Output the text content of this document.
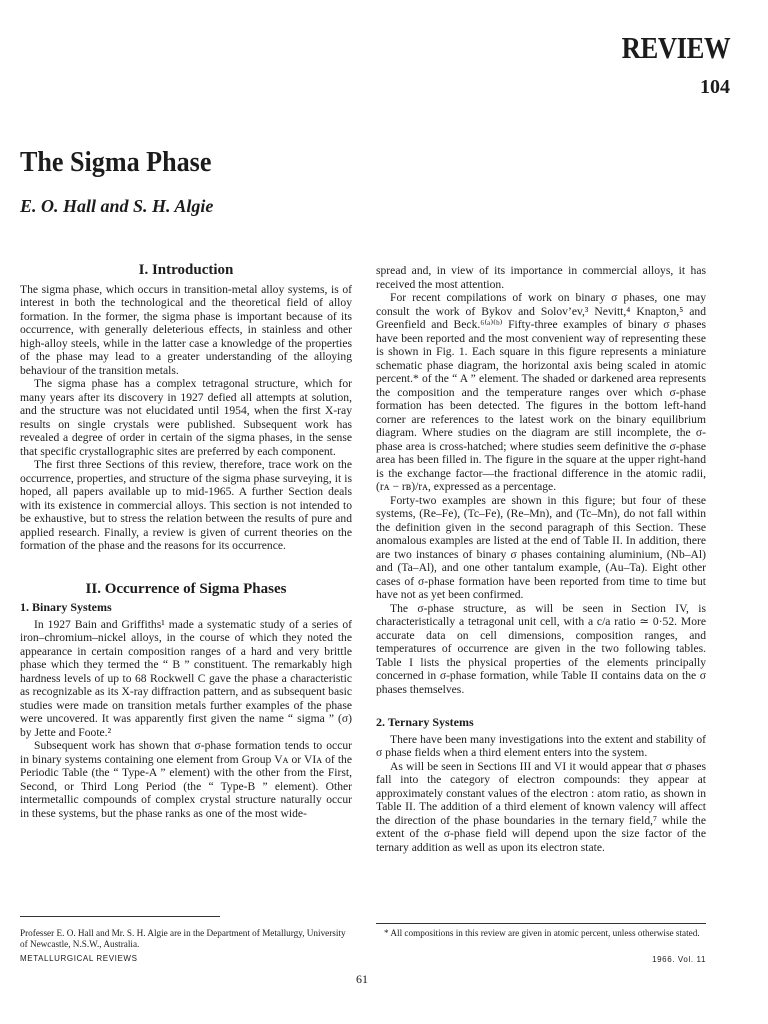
REVIEW
104
The Sigma Phase
E. O. Hall and S. H. Algie
I. Introduction

The sigma phase, which occurs in transition-metal alloy systems, is of interest in both the technological and the theoretical field of alloy formation. In the former, the sigma phase is important because of its occurrence, with generally deleterious effects, in stainless and other high-alloy steels, while in the latter case a knowledge of the properties of the phase may lead to a greater understanding of the alloying behaviour of the transition metals.

The sigma phase has a complex tetragonal structure, which for many years after its discovery in 1927 defied all attempts at solution, and the structure was not elucidated until 1954, when the first X-ray results on single crystals were published. Subsequent work has revealed a degree of order in certain of the sigma phases, in the sense that specific crystallographic sites are preferred by each component.

The first three Sections of this review, therefore, trace work on the occurrence, properties, and structure of the sigma phase surveying, it is hoped, all papers available up to mid-1965. A further Section deals with its existence in commercial alloys. This section is not intended to be exhaustive, but to stress the relation between the results of pure and applied research. Finally, a review is given of current theories on the formation of the phase and the reasons for its occurrence.

II. Occurrence of Sigma Phases
1. Binary Systems

In 1927 Bain and Griffiths¹ made a systematic study of a series of iron–chromium–nickel alloys, in the course of which they noted the appearance in certain composition ranges of a hard and very brittle phase which they termed the “ B ” constituent. The remarkably high hardness levels of up to 68 Rockwell C gave the phase a characteristic as recognizable as its X-ray diffraction pattern, and as subsequent basic studies were made on transition metals further examples of the phase were uncovered. It was apparently first given the name “ sigma ” (σ) by Jette and Foote.²

Subsequent work has shown that σ-phase formation tends to occur in binary systems containing one element from Group Vᴀ or VIᴀ of the Periodic Table (the “ Type-A ” element) with the other from the First, Second, or Third Long Period (the “ Type-B ” element). Other intermetallic compounds of complex crystal structure naturally occur in these systems, but the phase ranks as one of the most wide-

spread and, in view of its importance in commercial alloys, it has received the most attention.

For recent compilations of work on binary σ phases, one may consult the work of Bykov and Solov’ev,³ Nevitt,⁴ Knapton,⁵ and Greenfield and Beck.⁶⁽ᵃ⁾⁽ᵇ⁾ Fifty-three examples of binary σ phases have been reported and the most convenient way of representing these is shown in Fig. 1. Each square in this figure represents a miniature schematic phase diagram, the horizontal axis being scaled in atomic percent.* of the “ A ” element. The shaded or darkened area represents the composition and the temperature ranges over which σ-phase formation has been detected. The figures in the bottom left-hand corner are references to the latest work on the binary equilibrium diagram. Where studies on the diagram are still incomplete, the σ-phase area is cross-hatched; where studies seem definitive the σ-phase area has been filled in. The figure in the square at the upper right-hand is the exchange factor—the fractional difference in the atomic radii, (rᴀ − rʙ)/rᴀ, expressed as a percentage.

Forty-two examples are shown in this figure; but four of these systems, (Re–Fe), (Tc–Fe), (Re–Mn), and (Tc–Mn), do not fall within the definition given in the second paragraph of this Section. These anomalous examples are listed at the end of Table II. In addition, there are two instances of binary σ phases containing aluminium, (Nb–Al) and (Ta–Al), and one other tantalum example, (Au–Ta). Eight other cases of σ-phase formation have been reported from time to time but have not as yet been confirmed.

The σ-phase structure, as will be seen in Section IV, is characteristically a tetragonal unit cell, with a c/a ratio ≃ 0·52. More accurate data on cell dimensions, composition ranges, and temperatures of occurrence are given in the two following tables. Table I lists the physical properties of the elements principally concerned in σ-phase formation, while Table II contains data on the σ phases themselves.

2. Ternary Systems

There have been many investigations into the extent and stability of σ phase fields when a third element enters into the system.

As will be seen in Sections III and VI it would appear that σ phases fall into the category of electron compounds: they appear at approximately constant values of the electron : atom ratio, as shown in Table II. The addition of a third element of known valency will affect the direction of the phase boundaries in the ternary field,⁷ while the extent of the σ-phase field will depend upon the size factor of the ternary addition as well as upon its electron state.

Professer E. O. Hall and Mr. S. H. Algie are in the Department of Metallurgy, University of Newcastle, N.S.W., Australia.
* All compositions in this review are given in atomic percent, unless otherwise stated.
METALLURGICAL REVIEWS	1966. Vol. 11
61
